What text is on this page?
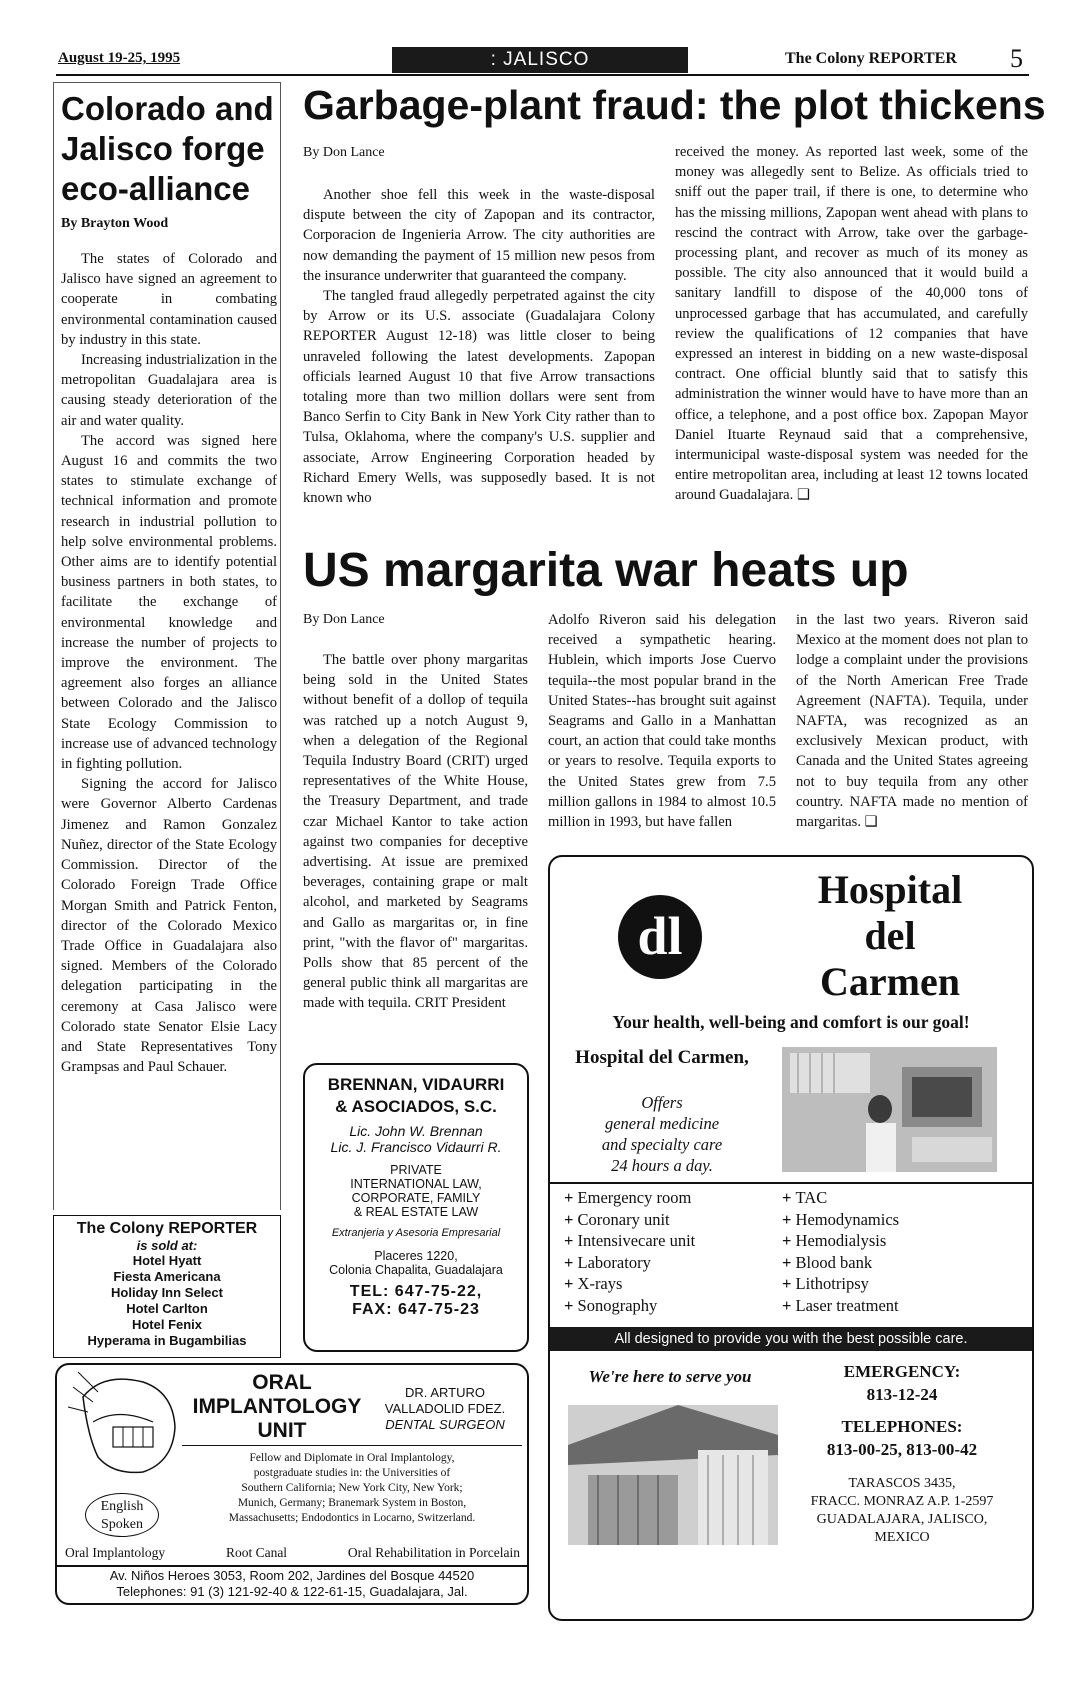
August 19-25, 1995	: JALISCO	The Colony REPORTER 5
Colorado and Jalisco forge eco-alliance
By Brayton Wood

The states of Colorado and Jalisco have signed an agreement to cooperate in combating environmental contamination caused by industry in this state.

Increasing industrialization in the metropolitan Guadalajara area is causing steady deterioration of the air and water quality.

The accord was signed here August 16 and commits the two states to stimulate exchange of technical information and promote research in industrial pollution to help solve environmental problems. Other aims are to identify potential business partners in both states, to facilitate the exchange of environmental knowledge and increase the number of projects to improve the environment. The agreement also forges an alliance between Colorado and the Jalisco State Ecology Commission to increase use of advanced technology in fighting pollution.

Signing the accord for Jalisco were Governor Alberto Cardenas Jimenez and Ramon Gonzalez Nuñez, director of the State Ecology Commission. Director of the Colorado Foreign Trade Office Morgan Smith and Patrick Fenton, director of the Colorado Mexico Trade Office in Guadalajara also signed. Members of the Colorado delegation participating in the ceremony at Casa Jalisco were Colorado state Senator Elsie Lacy and State Representatives Tony Grampsas and Paul Schauer.

The Colony REPORTER
is sold at:
Hotel Hyatt
Fiesta Americana
Holiday Inn Select
Hotel Carlton
Hotel Fenix
Hyperama in Bugambilias
Garbage-plant fraud: the plot thickens
By Don Lance

Another shoe fell this week in the waste-disposal dispute between the city of Zapopan and its contractor, Corporacion de Ingenieria Arrow. The city authorities are now demanding the payment of 15 million new pesos from the insurance underwriter that guaranteed the company.

The tangled fraud allegedly perpetrated against the city by Arrow or its U.S. associate (Guadalajara Colony REPORTER August 12-18) was little closer to being unraveled following the latest developments. Zapopan officials learned August 10 that five Arrow transactions totaling more than two million dollars were sent from Banco Serfin to City Bank in New York City rather than to Tulsa, Oklahoma, where the company's U.S. supplier and associate, Arrow Engineering Corporation headed by Richard Emery Wells, was supposedly based. It is not known who

received the money. As reported last week, some of the money was allegedly sent to Belize. As officials tried to sniff out the paper trail, if there is one, to determine who has the missing millions, Zapopan went ahead with plans to rescind the contract with Arrow, take over the garbage-processing plant, and recover as much of its money as possible. The city also announced that it would build a sanitary landfill to dispose of the 40,000 tons of unprocessed garbage that has accumulated, and carefully review the qualifications of 12 companies that have expressed an interest in bidding on a new waste-disposal contract. One official bluntly said that to satisfy this administration the winner would have to have more than an office, a telephone, and a post office box. Zapopan Mayor Daniel Ituarte Reynaud said that a comprehensive, intermunicipal waste-disposal system was needed for the entire metropolitan area, including at least 12 towns located around Guadalajara. ❑

US margarita war heats up
By Don Lance

The battle over phony margaritas being sold in the United States without benefit of a dollop of tequila was ratched up a notch August 9, when a delegation of the Regional Tequila Industry Board (CRIT) urged representatives of the White House, the Treasury Department, and trade czar Michael Kantor to take action against two companies for deceptive advertising. At issue are premixed beverages, containing grape or malt alcohol, and marketed by Seagrams and Gallo as margaritas or, in fine print, "with the flavor of" margaritas. Polls show that 85 percent of the general public think all margaritas are made with tequila. CRIT President

Adolfo Riveron said his delegation received a sympathetic hearing. Hublein, which imports Jose Cuervo tequila--the most popular brand in the United States--has brought suit against Seagrams and Gallo in a Manhattan court, an action that could take months or years to resolve. Tequila exports to the United States grew from 7.5 million gallons in 1984 to almost 10.5 million in 1993, but have fallen

in the last two years. Riveron said Mexico at the moment does not plan to lodge a complaint under the provisions of the North American Free Trade Agreement (NAFTA). Tequila, under NAFTA, was recognized as an exclusively Mexican product, with Canada and the United States agreeing not to buy tequila from any other country. NAFTA made no mention of margaritas. ❑

BRENNAN, VIDAURRI
& ASOCIADOS, S.C.
Lic. John W. Brennan
Lic. J. Francisco Vidaurri R.
PRIVATE
INTERNATIONAL LAW,
CORPORATE, FAMILY
& REAL ESTATE LAW
Extranjeria y Asesoria Empresarial
Placeres 1220,
Colonia Chapalita, Guadalajara
TEL: 647-75-22,
FAX: 647-75-23
ORAL
IMPLANTOLOGY
UNIT
DR. ARTURO
VALLADOLID FDEZ.
DENTAL SURGEON
Fellow and Diplomate in Oral Implantology,
postgraduate studies in: the Universities of
Southern California; New York City, New York;
Munich, Germany; Branemark System in Boston,
Massachusetts; Endodontics in Locarno, Switzerland.
English
Spoken
Oral Implantology	Root Canal	Oral Rehabilitation in Porcelain
Av. Niños Heroes 3053, Room 202, Jardines del Bosque 44520
Telephones: 91 (3) 121-92-40 & 122-61-15, Guadalajara, Jal.
dl
Hospital
del
Carmen
Your health, well-being and comfort is our goal!
Hospital del Carmen,
Offers
general medicine
and specialty care
24 hours a day.
+ Emergency room
+ Coronary unit
+ Intensivecare unit
+ Laboratory
+ X-rays
+ Sonography
+ TAC
+ Hemodynamics
+ Hemodialysis
+ Blood bank
+ Lithotripsy
+ Laser treatment
All designed to provide you with the best possible care.
We're here to serve you	EMERGENCY:
813-12-24
TELEPHONES:
813-00-25, 813-00-42
TARASCOS 3435,
FRACC. MONRAZ A.P. 1-2597
GUADALAJARA, JALISCO,
MEXICO
